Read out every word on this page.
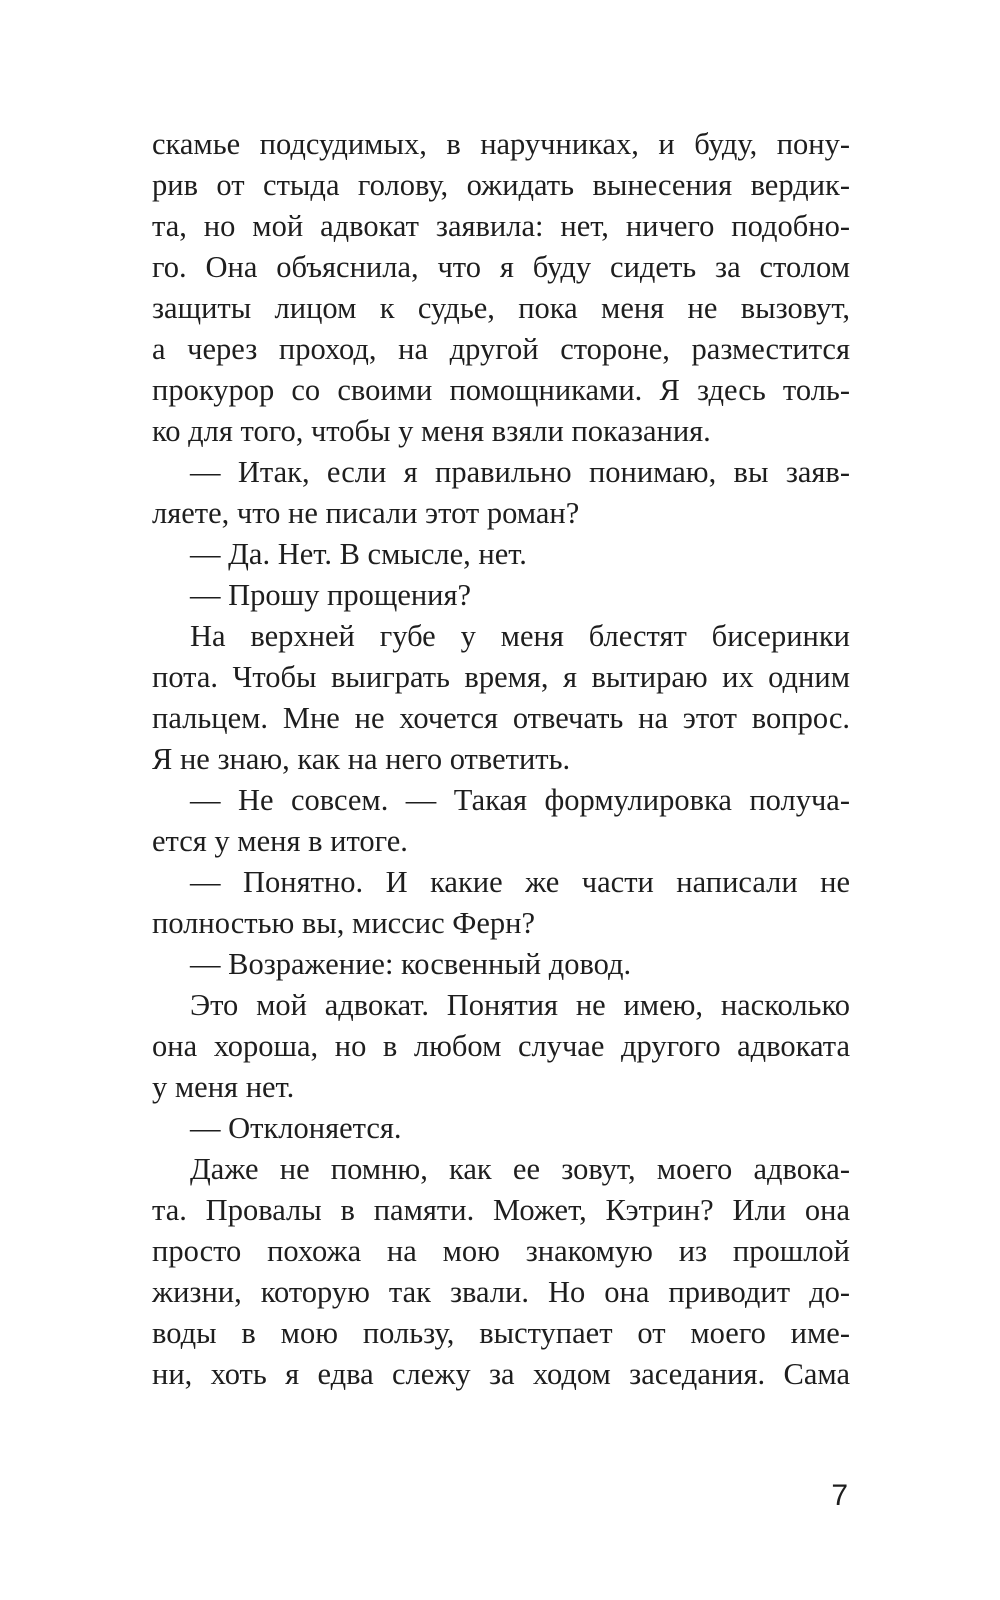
скамье подсудимых, в наручниках, и буду, пону-
рив от стыда голову, ожидать вынесения вердик-
та, но мой адвокат заявила: нет, ничего подобно-
го. Она объяснила, что я буду сидеть за столом
защиты лицом к судье, пока меня не вызовут,
а через проход, на другой стороне, разместится
прокурор со своими помощниками. Я здесь толь-
ко для того, чтобы у меня взяли показания.
— Итак, если я правильно понимаю, вы заяв-
ляете, что не писали этот роман?
— Да. Нет. В смысле, нет.
— Прошу прощения?
На верхней губе у меня блестят бисеринки
пота. Чтобы выиграть время, я вытираю их одним
пальцем. Мне не хочется отвечать на этот вопрос.
Я не знаю, как на него ответить.
— Не совсем. — Такая формулировка получа-
ется у меня в итоге.
— Понятно. И какие же части написали не
полностью вы, миссис Ферн?
— Возражение: косвенный довод.
Это мой адвокат. Понятия не имею, насколько
она хороша, но в любом случае другого адвоката
у меня нет.
— Отклоняется.
Даже не помню, как ее зовут, моего адвока-
та. Провалы в памяти. Может, Кэтрин? Или она
просто похожа на мою знакомую из прошлой
жизни, которую так звали. Но она приводит до-
воды в мою пользу, выступает от моего име-
ни, хоть я едва слежу за ходом заседания. Сама
7
